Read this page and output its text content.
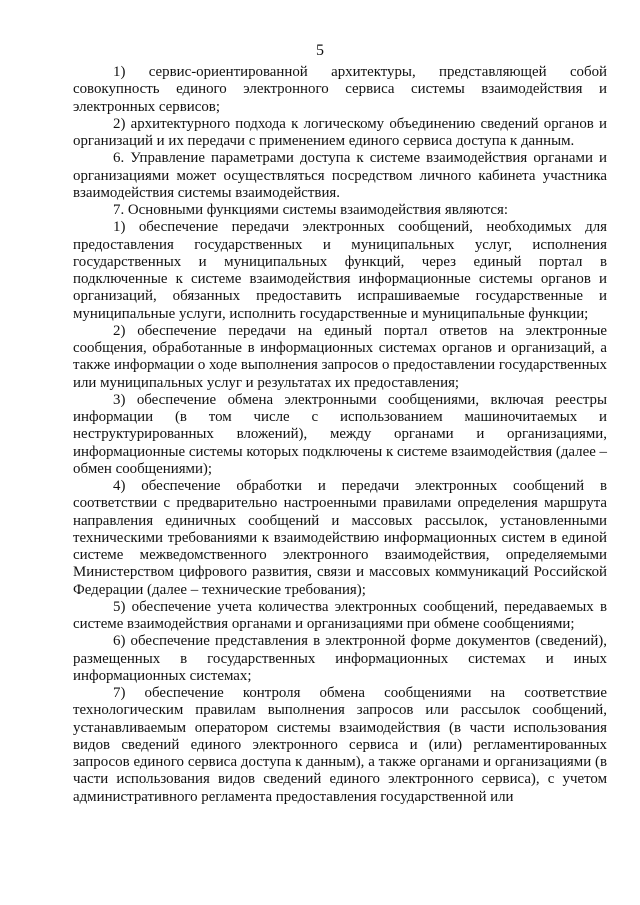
5

1) сервис-ориентированной архитектуры, представляющей собой совокупность единого электронного сервиса системы взаимодействия и электронных сервисов;

2) архитектурного подхода к логическому объединению сведений органов и организаций и их передачи с применением единого сервиса доступа к данным.

6. Управление параметрами доступа к системе взаимодействия органами и организациями может осуществляться посредством личного кабинета участника взаимодействия системы взаимодействия.

7. Основными функциями системы взаимодействия являются:

1) обеспечение передачи электронных сообщений, необходимых для предоставления государственных и муниципальных услуг, исполнения государственных и муниципальных функций, через единый портал в подключенные к системе взаимодействия информационные системы органов и организаций, обязанных предоставить испрашиваемые государственные и муниципальные услуги, исполнить государственные и муниципальные функции;

2) обеспечение передачи на единый портал ответов на электронные сообщения, обработанные в информационных системах органов и организаций, а также информации о ходе выполнения запросов о предоставлении государственных или муниципальных услуг и результатах их предоставления;

3) обеспечение обмена электронными сообщениями, включая реестры информации (в том числе с использованием машиночитаемых и неструктурированных вложений), между органами и организациями, информационные системы которых подключены к системе взаимодействия (далее – обмен сообщениями);

4) обеспечение обработки и передачи электронных сообщений в соответствии с предварительно настроенными правилами определения маршрута направления единичных сообщений и массовых рассылок, установленными техническими требованиями к взаимодействию информационных систем в единой системе межведомственного электронного взаимодействия, определяемыми Министерством цифрового развития, связи и массовых коммуникаций Российской Федерации (далее – технические требования);

5) обеспечение учета количества электронных сообщений, передаваемых в системе взаимодействия органами и организациями при обмене сообщениями;

6) обеспечение представления в электронной форме документов (сведений), размещенных в государственных информационных системах и иных информационных системах;

7) обеспечение контроля обмена сообщениями на соответствие технологическим правилам выполнения запросов или рассылок сообщений, устанавливаемым оператором системы взаимодействия (в части использования видов сведений единого электронного сервиса и (или) регламентированных запросов единого сервиса доступа к данным), а также органами и организациями (в части использования видов сведений единого электронного сервиса), с учетом административного регламента предоставления государственной или
